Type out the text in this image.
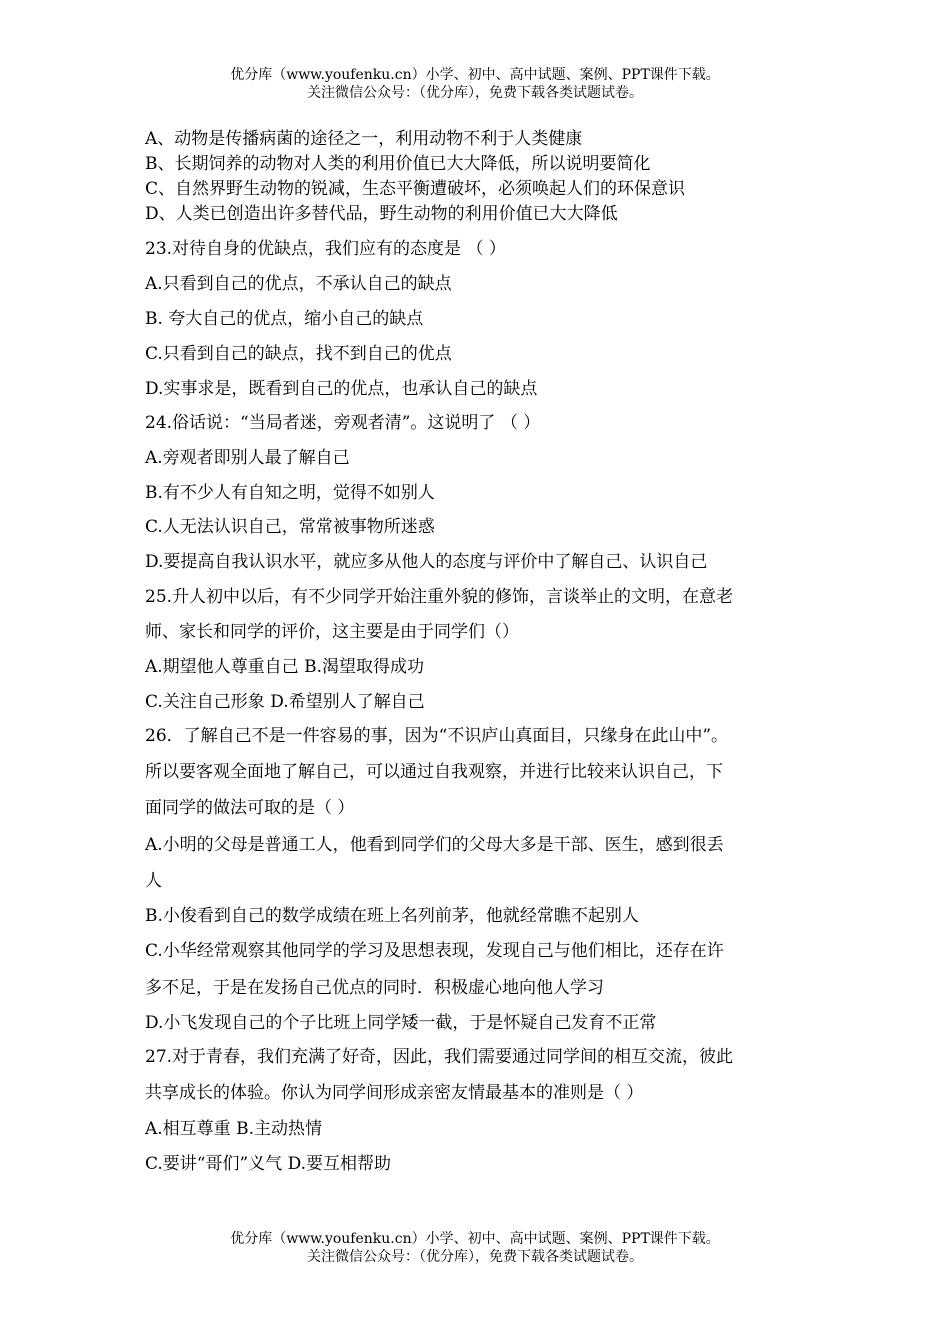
优分库（www.youfenku.cn）小学、初中、高中试题、案例、PPT课件下载。
关注微信公众号：（优分库），免费下载各类试题试卷。
A、动物是传播病菌的途径之一，利用动物不利于人类健康
B、长期饲养的动物对人类的利用价值已大大降低，所以说明要简化
C、自然界野生动物的锐减，生态平衡遭破坏，必须唤起人们的环保意识
D、人类已创造出许多替代品，野生动物的利用价值已大大降低
23.对待自身的优缺点，我们应有的态度是 （ ）
A.只看到自己的优点，不承认自己的缺点
B. 夸大自己的优点，缩小自己的缺点
C.只看到自己的缺点，找不到自己的优点
D.实事求是，既看到自己的优点，也承认自己的缺点
24.俗话说：“当局者迷，旁观者清”。这说明了 （ ）
A.旁观者即别人最了解自己
B.有不少人有自知之明，觉得不如别人
C.人无法认识自己，常常被事物所迷惑
D.要提高自我认识水平，就应多从他人的态度与评价中了解自己、认识自己
25.升人初中以后，有不少同学开始注重外貌的修饰，言谈举止的文明，在意老
师、家长和同学的评价，这主要是由于同学们（）
A.期望他人尊重自己 B.渴望取得成功
C.关注自己形象 D.希望别人了解自己
26．了解自己不是一件容易的事，因为“不识庐山真面目，只缘身在此山中”。
所以要客观全面地了解自己，可以通过自我观察，并进行比较来认识自己，下
面同学的做法可取的是（ ）
A.小明的父母是普通工人，他看到同学们的父母大多是干部、医生，感到很丢
人
B.小俊看到自己的数学成绩在班上名列前茅，他就经常瞧不起别人
C.小华经常观察其他同学的学习及思想表现，发现自己与他们相比，还存在许
多不足，于是在发扬自己优点的同时．积极虚心地向他人学习
D.小飞发现自己的个子比班上同学矮一截，于是怀疑自己发育不正常
27.对于青春，我们充满了好奇，因此，我们需要通过同学间的相互交流，彼此
共享成长的体验。你认为同学间形成亲密友情最基本的准则是（ ）
A.相互尊重 B.主动热情
C.要讲“哥们”义气 D.要互相帮助
优分库（www.youfenku.cn）小学、初中、高中试题、案例、PPT课件下载。
关注微信公众号：（优分库），免费下载各类试题试卷。
